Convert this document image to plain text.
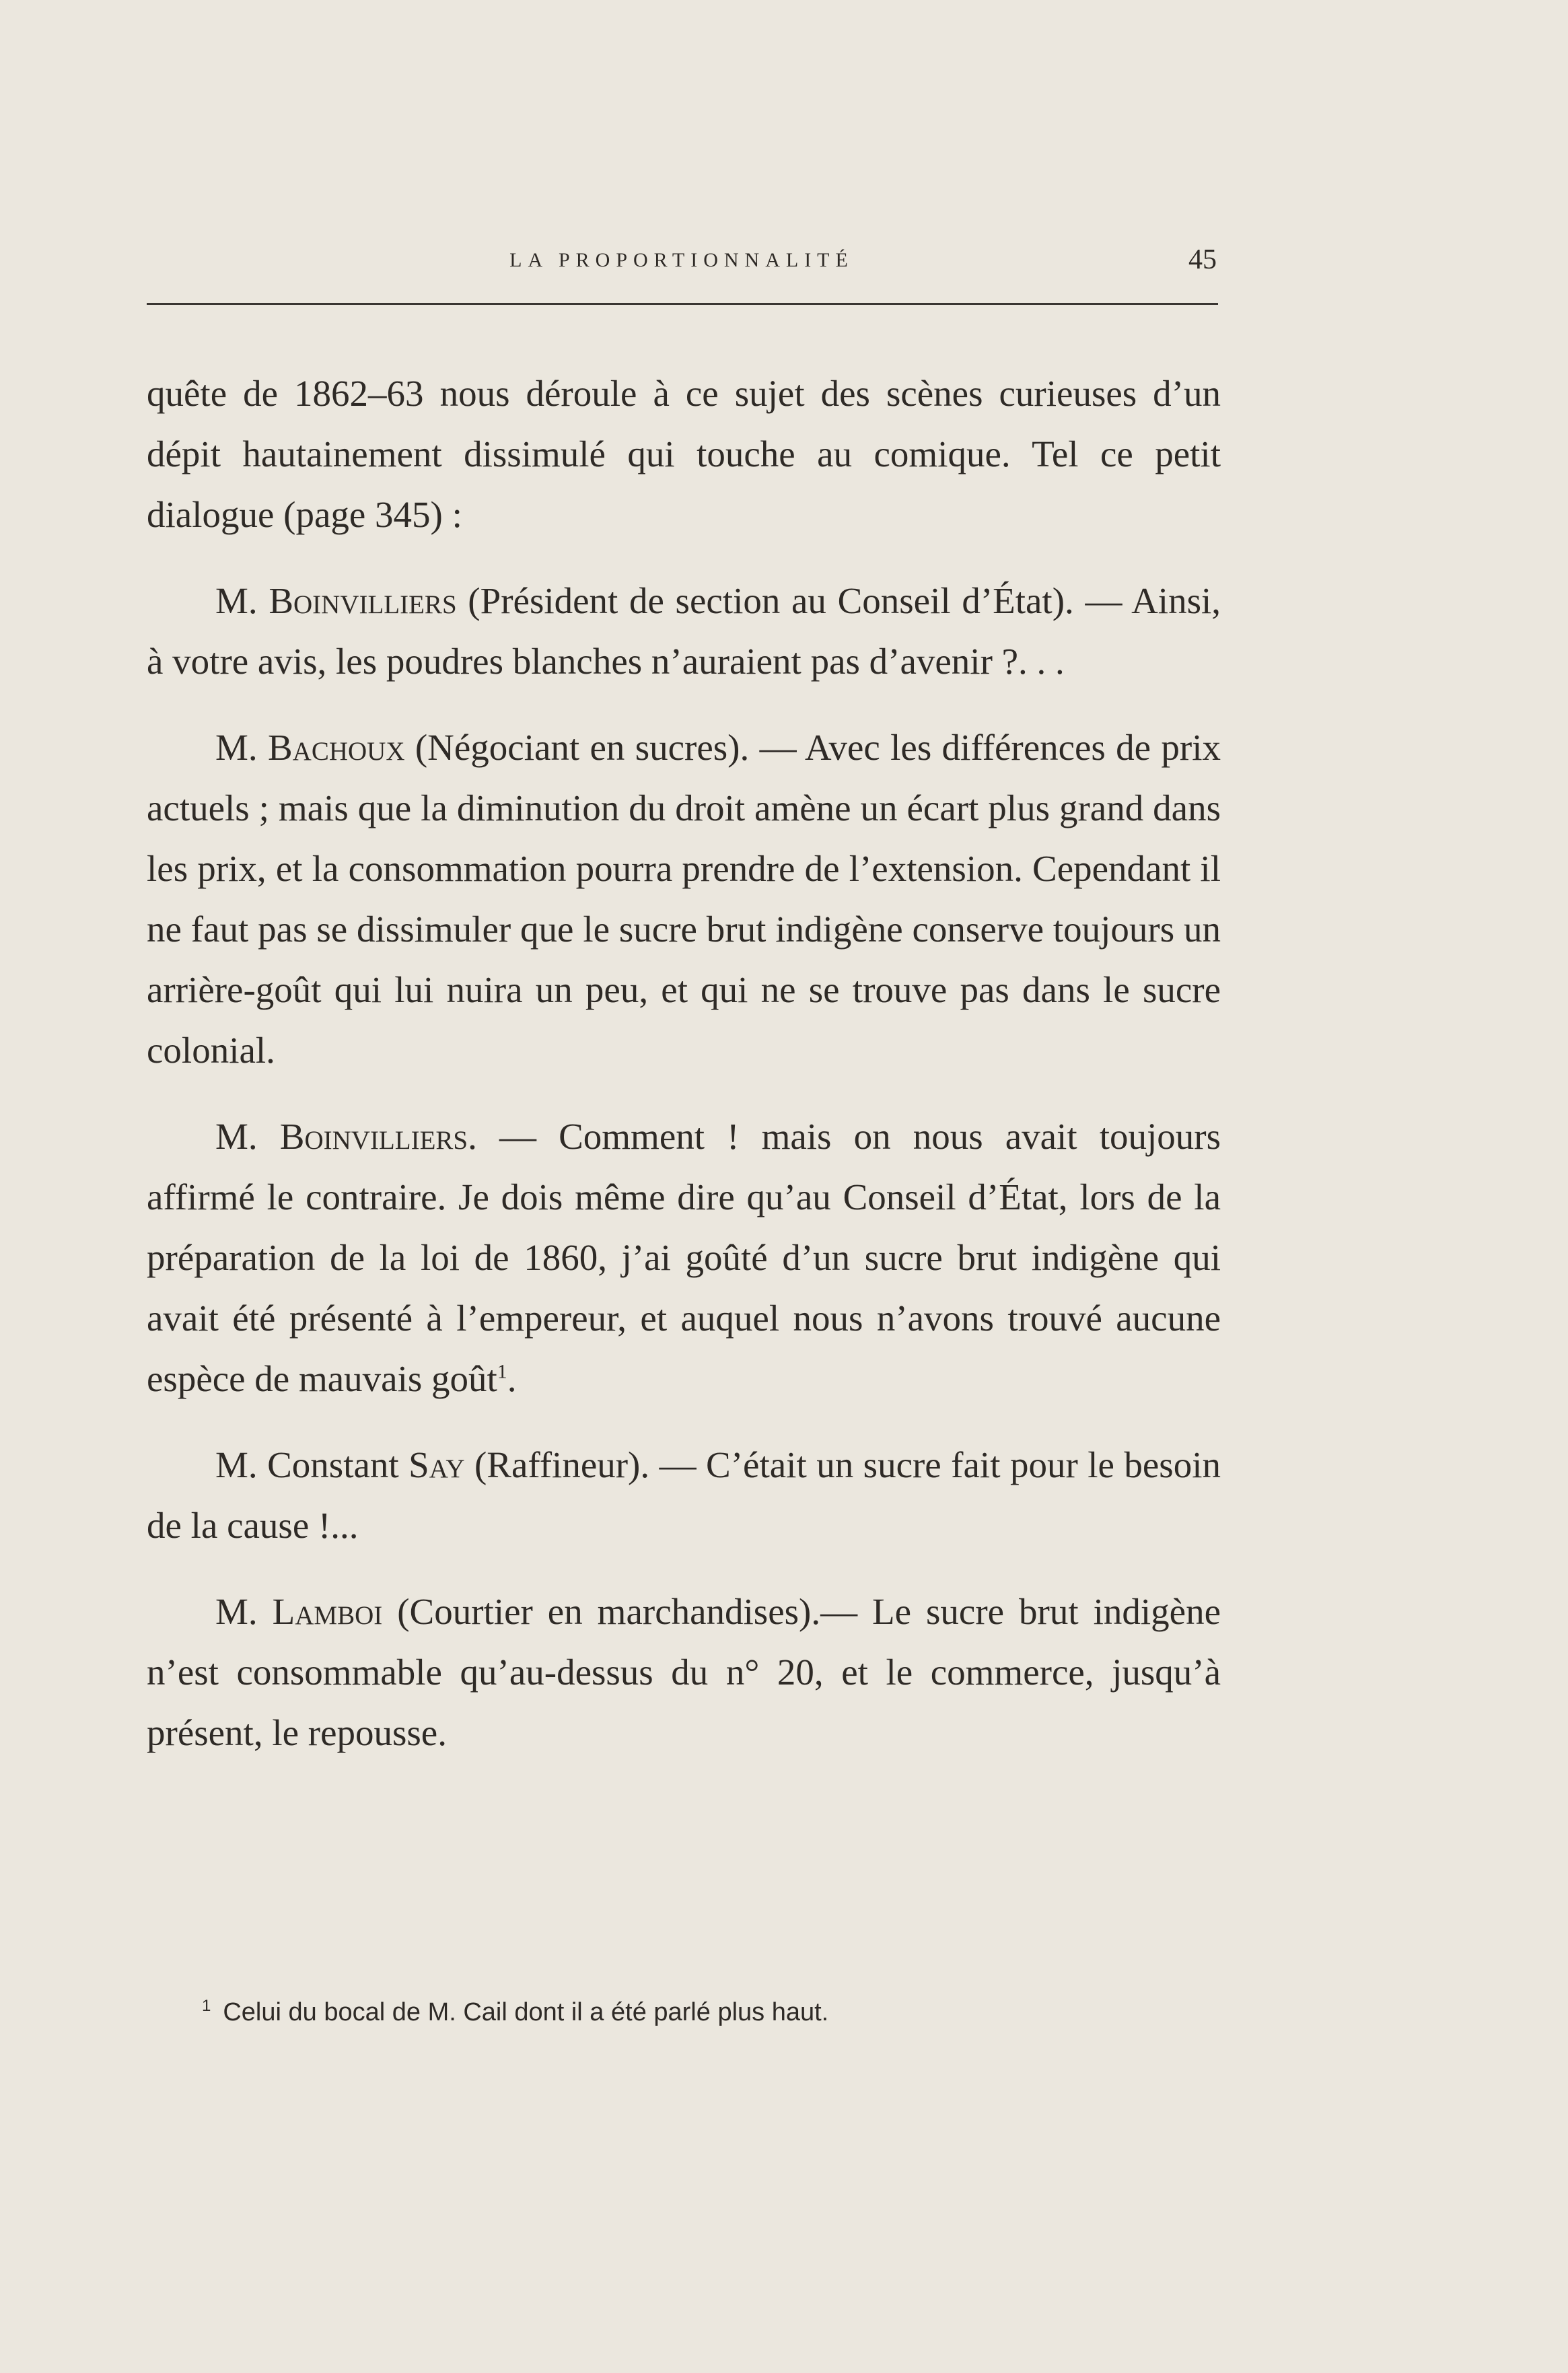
LA PROPORTIONNALITÉ	45

quête de 1862–63 nous déroule à ce sujet des scènes curieuses d’un dépit hautainement dissimulé qui touche au comique. Tel ce petit dialogue (page 345) :

M. Boinvilliers (Président de section au Conseil d’État). — Ainsi, à votre avis, les poudres blanches n’auraient pas d’avenir ?. . .

M. Bachoux (Négociant en sucres). — Avec les différences de prix actuels ; mais que la diminution du droit amène un écart plus grand dans les prix, et la consommation pourra prendre de l’extension. Cependant il ne faut pas se dissimuler que le sucre brut indigène conserve toujours un arrière-goût qui lui nuira un peu, et qui ne se trouve pas dans le sucre colonial.

M. Boinvilliers. — Comment ! mais on nous avait toujours affirmé le contraire. Je dois même dire qu’au Conseil d’État, lors de la préparation de la loi de 1860, j’ai goûté d’un sucre brut indigène qui avait été présenté à l’empereur, et auquel nous n’avons trouvé aucune espèce de mauvais goût$^1$.

M. Constant Say (Raffineur). — C’était un sucre fait pour le besoin de la cause !...

M. Lamboi (Courtier en marchandises).— Le sucre brut indigène n’est consommable qu’au-dessus du n° 20, et le commerce, jusqu’à présent, le repousse.

$^1$ Celui du bocal de M. Cail dont il a été parlé plus haut.
